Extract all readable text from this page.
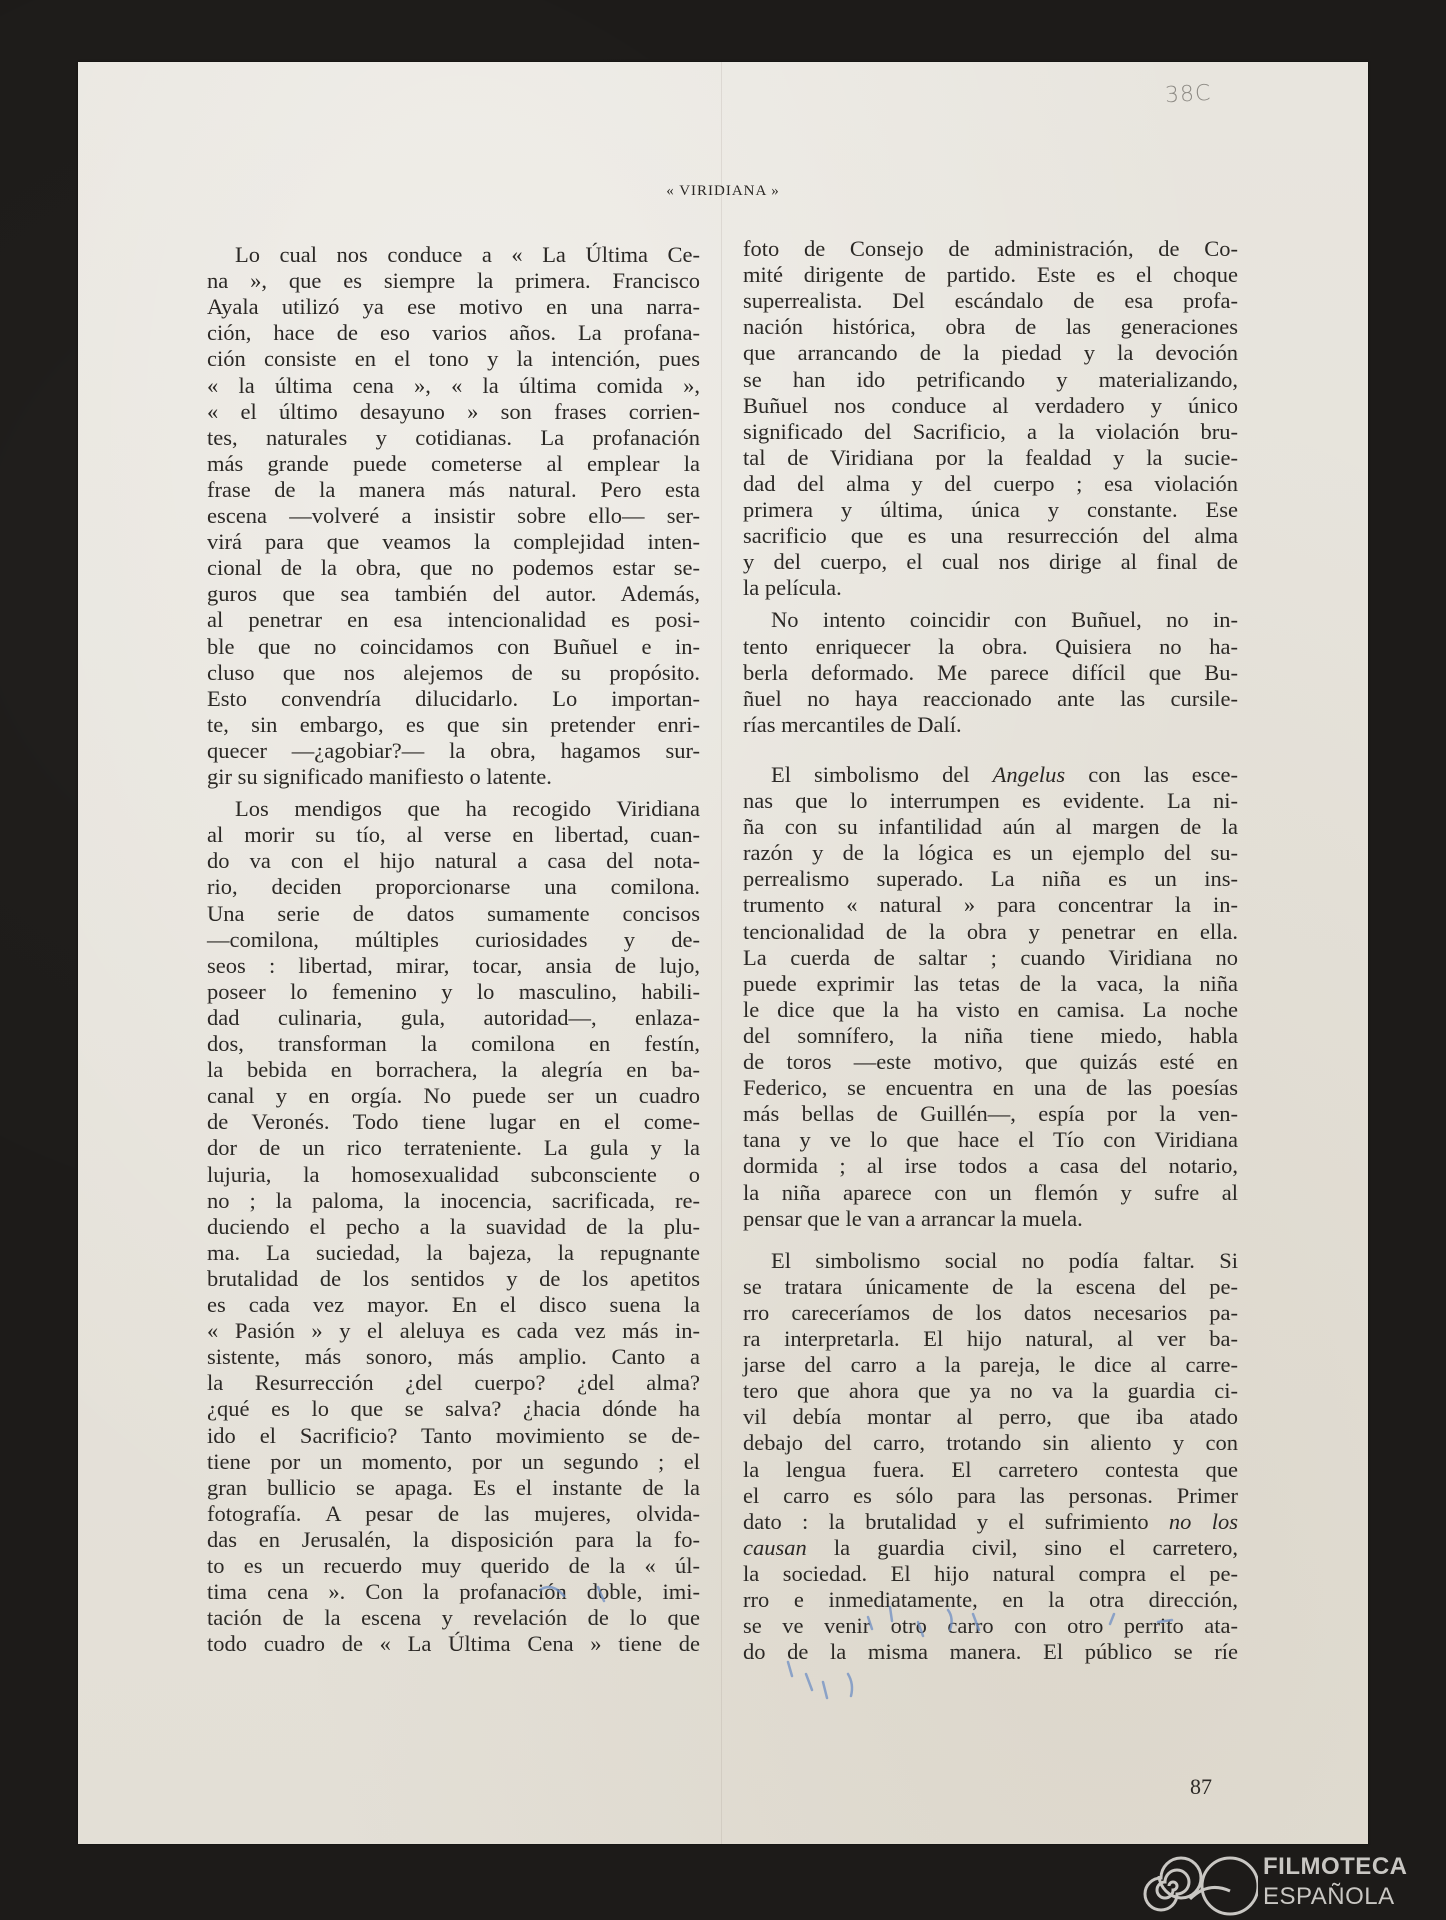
38C
« VIRIDIANA »
Lo cual nos conduce a « La Última Ce-
na », que es siempre la primera. Francisco
Ayala utilizó ya ese motivo en una narra-
ción, hace de eso varios años. La profana-
ción consiste en el tono y la intención, pues
« la última cena », « la última comida »,
« el último desayuno » son frases corrien-
tes, naturales y cotidianas. La profanación
más grande puede cometerse al emplear la
frase de la manera más natural. Pero esta
escena —volveré a insistir sobre ello— ser-
virá para que veamos la complejidad inten-
cional de la obra, que no podemos estar se-
guros que sea también del autor. Además,
al penetrar en esa intencionalidad es posi-
ble que no coincidamos con Buñuel e in-
cluso que nos alejemos de su propósito.
Esto convendría dilucidarlo. Lo importan-
te, sin embargo, es que sin pretender enri-
quecer —¿agobiar?— la obra, hagamos sur-
gir su significado manifiesto o latente.
Los mendigos que ha recogido Viridiana
al morir su tío, al verse en libertad, cuan-
do va con el hijo natural a casa del nota-
rio, deciden proporcionarse una comilona.
Una serie de datos sumamente concisos
—comilona, múltiples curiosidades y de-
seos : libertad, mirar, tocar, ansia de lujo,
poseer lo femenino y lo masculino, habili-
dad culinaria, gula, autoridad—, enlaza-
dos, transforman la comilona en festín,
la bebida en borrachera, la alegría en ba-
canal y en orgía. No puede ser un cuadro
de Veronés. Todo tiene lugar en el come-
dor de un rico terrateniente. La gula y la
lujuria, la homosexualidad subconsciente o
no ; la paloma, la inocencia, sacrificada, re-
duciendo el pecho a la suavidad de la plu-
ma. La suciedad, la bajeza, la repugnante
brutalidad de los sentidos y de los apetitos
es cada vez mayor. En el disco suena la
« Pasión » y el aleluya es cada vez más in-
sistente, más sonoro, más amplio. Canto a
la Resurrección ¿del cuerpo? ¿del alma?
¿qué es lo que se salva? ¿hacia dónde ha
ido el Sacrificio? Tanto movimiento se de-
tiene por un momento, por un segundo ; el
gran bullicio se apaga. Es el instante de la
fotografía. A pesar de las mujeres, olvida-
das en Jerusalén, la disposición para la fo-
to es un recuerdo muy querido de la « úl-
tima cena ». Con la profanación doble, imi-
tación de la escena y revelación de lo que
todo cuadro de « La Última Cena » tiene de
foto de Consejo de administración, de Co-
mité dirigente de partido. Este es el choque
superrealista. Del escándalo de esa profa-
nación histórica, obra de las generaciones
que arrancando de la piedad y la devoción
se han ido petrificando y materializando,
Buñuel nos conduce al verdadero y único
significado del Sacrificio, a la violación bru-
tal de Viridiana por la fealdad y la sucie-
dad del alma y del cuerpo ; esa violación
primera y última, única y constante. Ese
sacrificio que es una resurrección del alma
y del cuerpo, el cual nos dirige al final de
la película.
No intento coincidir con Buñuel, no in-
tento enriquecer la obra. Quisiera no ha-
berla deformado. Me parece difícil que Bu-
ñuel no haya reaccionado ante las cursile-
rías mercantiles de Dalí.
El simbolismo del Angelus con las esce-
nas que lo interrumpen es evidente. La ni-
ña con su infantilidad aún al margen de la
razón y de la lógica es un ejemplo del su-
perrealismo superado. La niña es un ins-
trumento « natural » para concentrar la in-
tencionalidad de la obra y penetrar en ella.
La cuerda de saltar ; cuando Viridiana no
puede exprimir las tetas de la vaca, la niña
le dice que la ha visto en camisa. La noche
del somnífero, la niña tiene miedo, habla
de toros —este motivo, que quizás esté en
Federico, se encuentra en una de las poesías
más bellas de Guillén—, espía por la ven-
tana y ve lo que hace el Tío con Viridiana
dormida ; al irse todos a casa del notario,
la niña aparece con un flemón y sufre al
pensar que le van a arrancar la muela.
El simbolismo social no podía faltar. Si
se tratara únicamente de la escena del pe-
rro careceríamos de los datos necesarios pa-
ra interpretarla. El hijo natural, al ver ba-
jarse del carro a la pareja, le dice al carre-
tero que ahora que ya no va la guardia ci-
vil debía montar al perro, que iba atado
debajo del carro, trotando sin aliento y con
la lengua fuera. El carretero contesta que
el carro es sólo para las personas. Primer
dato : la brutalidad y el sufrimiento no los
causan la guardia civil, sino el carretero,
la sociedad. El hijo natural compra el pe-
rro e inmediatamente, en la otra dirección,
se ve venir otro carro con otro perrito ata-
do de la misma manera. El público se ríe
87
FILMOTECA
ESPAÑOLA
